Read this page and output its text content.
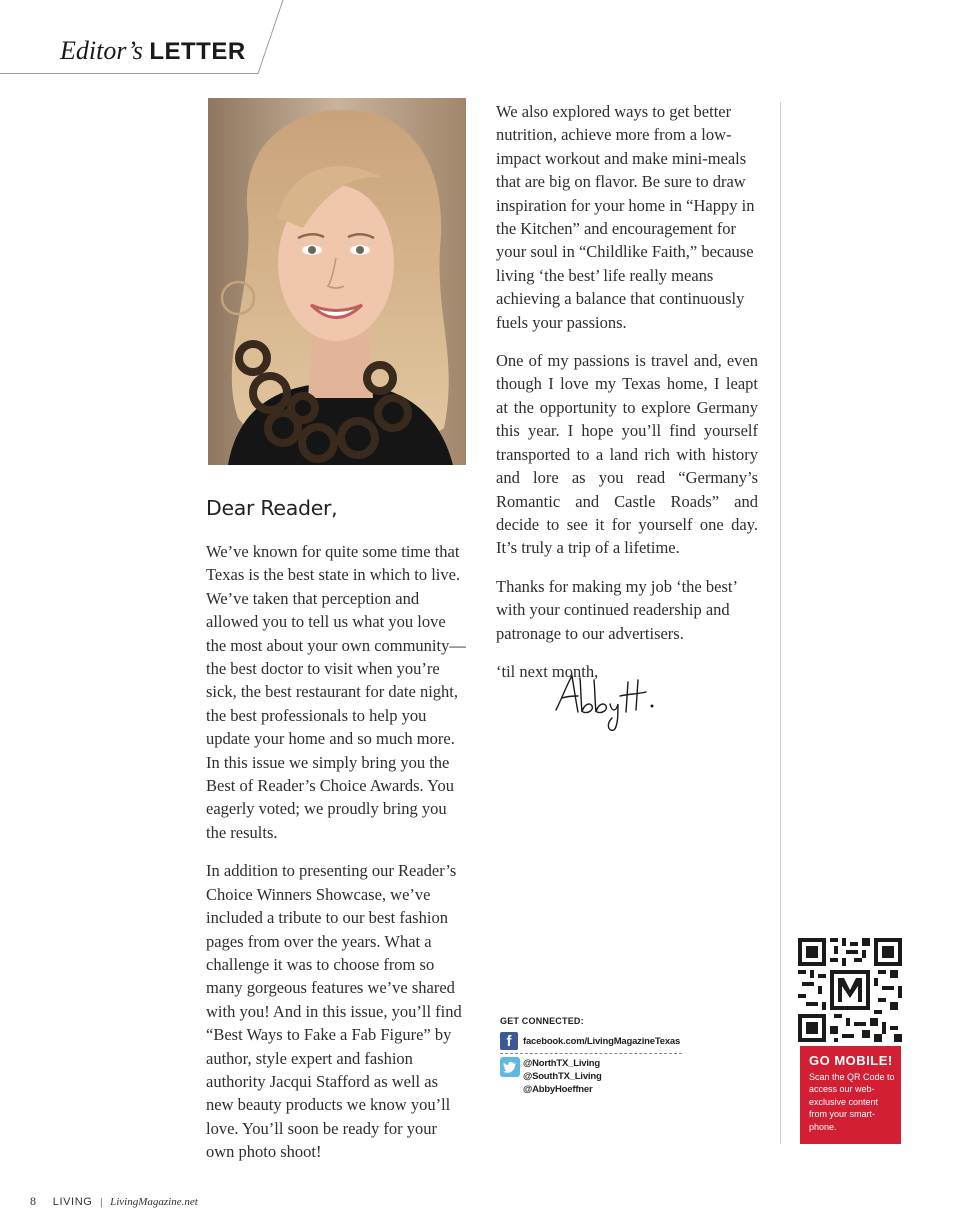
Editor’s LETTER
Dear Reader,

We’ve known for quite some time that Texas is the best state in which to live. We’ve taken that perception and allowed you to tell us what you love the most about your own community—the best doctor to visit when you’re sick, the best restaurant for date night, the best professionals to help you update your home and so much more. In this issue we simply bring you the Best of Reader’s Choice Awards. You eagerly voted; we proudly bring you the results.

In addition to presenting our Reader’s Choice Winners Showcase, we’ve included a tribute to our best fashion pages from over the years. What a challenge it was to choose from so many gorgeous features we’ve shared with you! And in this issue, you’ll find “Best Ways to Fake a Fab Figure” by author, style expert and fashion authority Jacqui Stafford as well as new beauty products we know you’ll love. You’ll soon be ready for your own photo shoot!

We also explored ways to get better nutrition, achieve more from a low-impact workout and make mini-meals that are big on flavor. Be sure to draw inspiration for your home in “Happy in the Kitchen” and encouragement for your soul in “Childlike Faith,” because living ‘the best’ life really means achieving a balance that continuously fuels your passions.

One of my passions is travel and, even though I love my Texas home, I leapt at the opportunity to explore Germany this year. I hope you’ll find yourself transported to a land rich with history and lore as you read “Germany’s Romantic and Castle Roads” and decide to see it for yourself one day. It’s truly a trip of a lifetime.

Thanks for making my job ‘the best’ with your continued readership and patronage to our advertisers.

‘til next month,

GET CONNECTED:
f	facebook.com/LivingMagazineTexas
@NorthTX_Living
@SouthTX_Living
@AbbyHoeffner
GO MOBILE!
Scan the QR Code to access our web-exclusive content from your smart-phone.
8 LIVING | LivingMagazine.net
